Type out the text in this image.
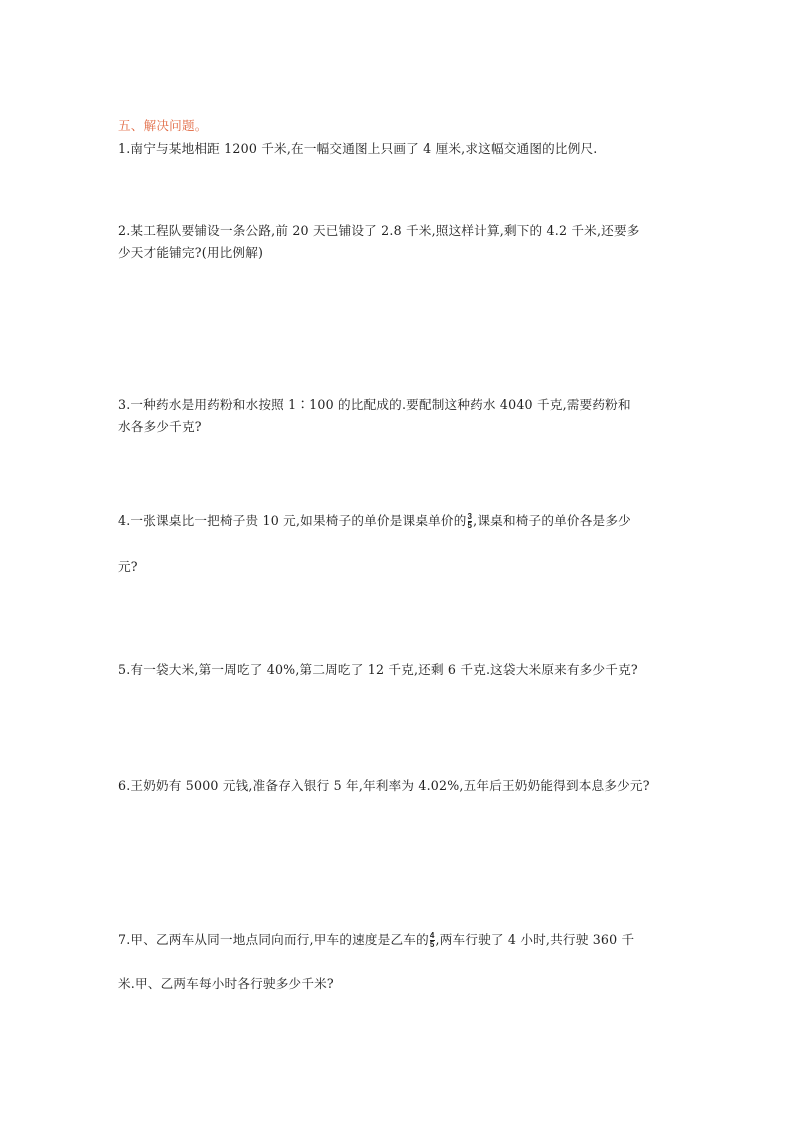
五、解决问题。
1.南宁与某地相距 1200 千米,在一幅交通图上只画了 4 厘米,求这幅交通图的比例尺.
2.某工程队要铺设一条公路,前 20 天已铺设了 2.8 千米,照这样计算,剩下的 4.2 千米,还要多
少天才能铺完?(用比例解)
3.一种药水是用药粉和水按照 1∶100 的比配成的.要配制这种药水 4040 千克,需要药粉和
水各多少千克?
4.一张课桌比一把椅子贵 10 元,如果椅子的单价是课桌单价的 $\frac{3}{5}$ ,课桌和椅子的单价各是多少
元?
5.有一袋大米,第一周吃了 40%,第二周吃了 12 千克,还剩 6 千克.这袋大米原来有多少千克?
6.王奶奶有 5000 元钱,准备存入银行 5 年,年利率为 4.02%,五年后王奶奶能得到本息多少元?
7.甲、乙两车从同一地点同向而行,甲车的速度是乙车的 $\frac{4}{5}$ ,两车行驶了 4 小时,共行驶 360 千
米.甲、乙两车每小时各行驶多少千米?
